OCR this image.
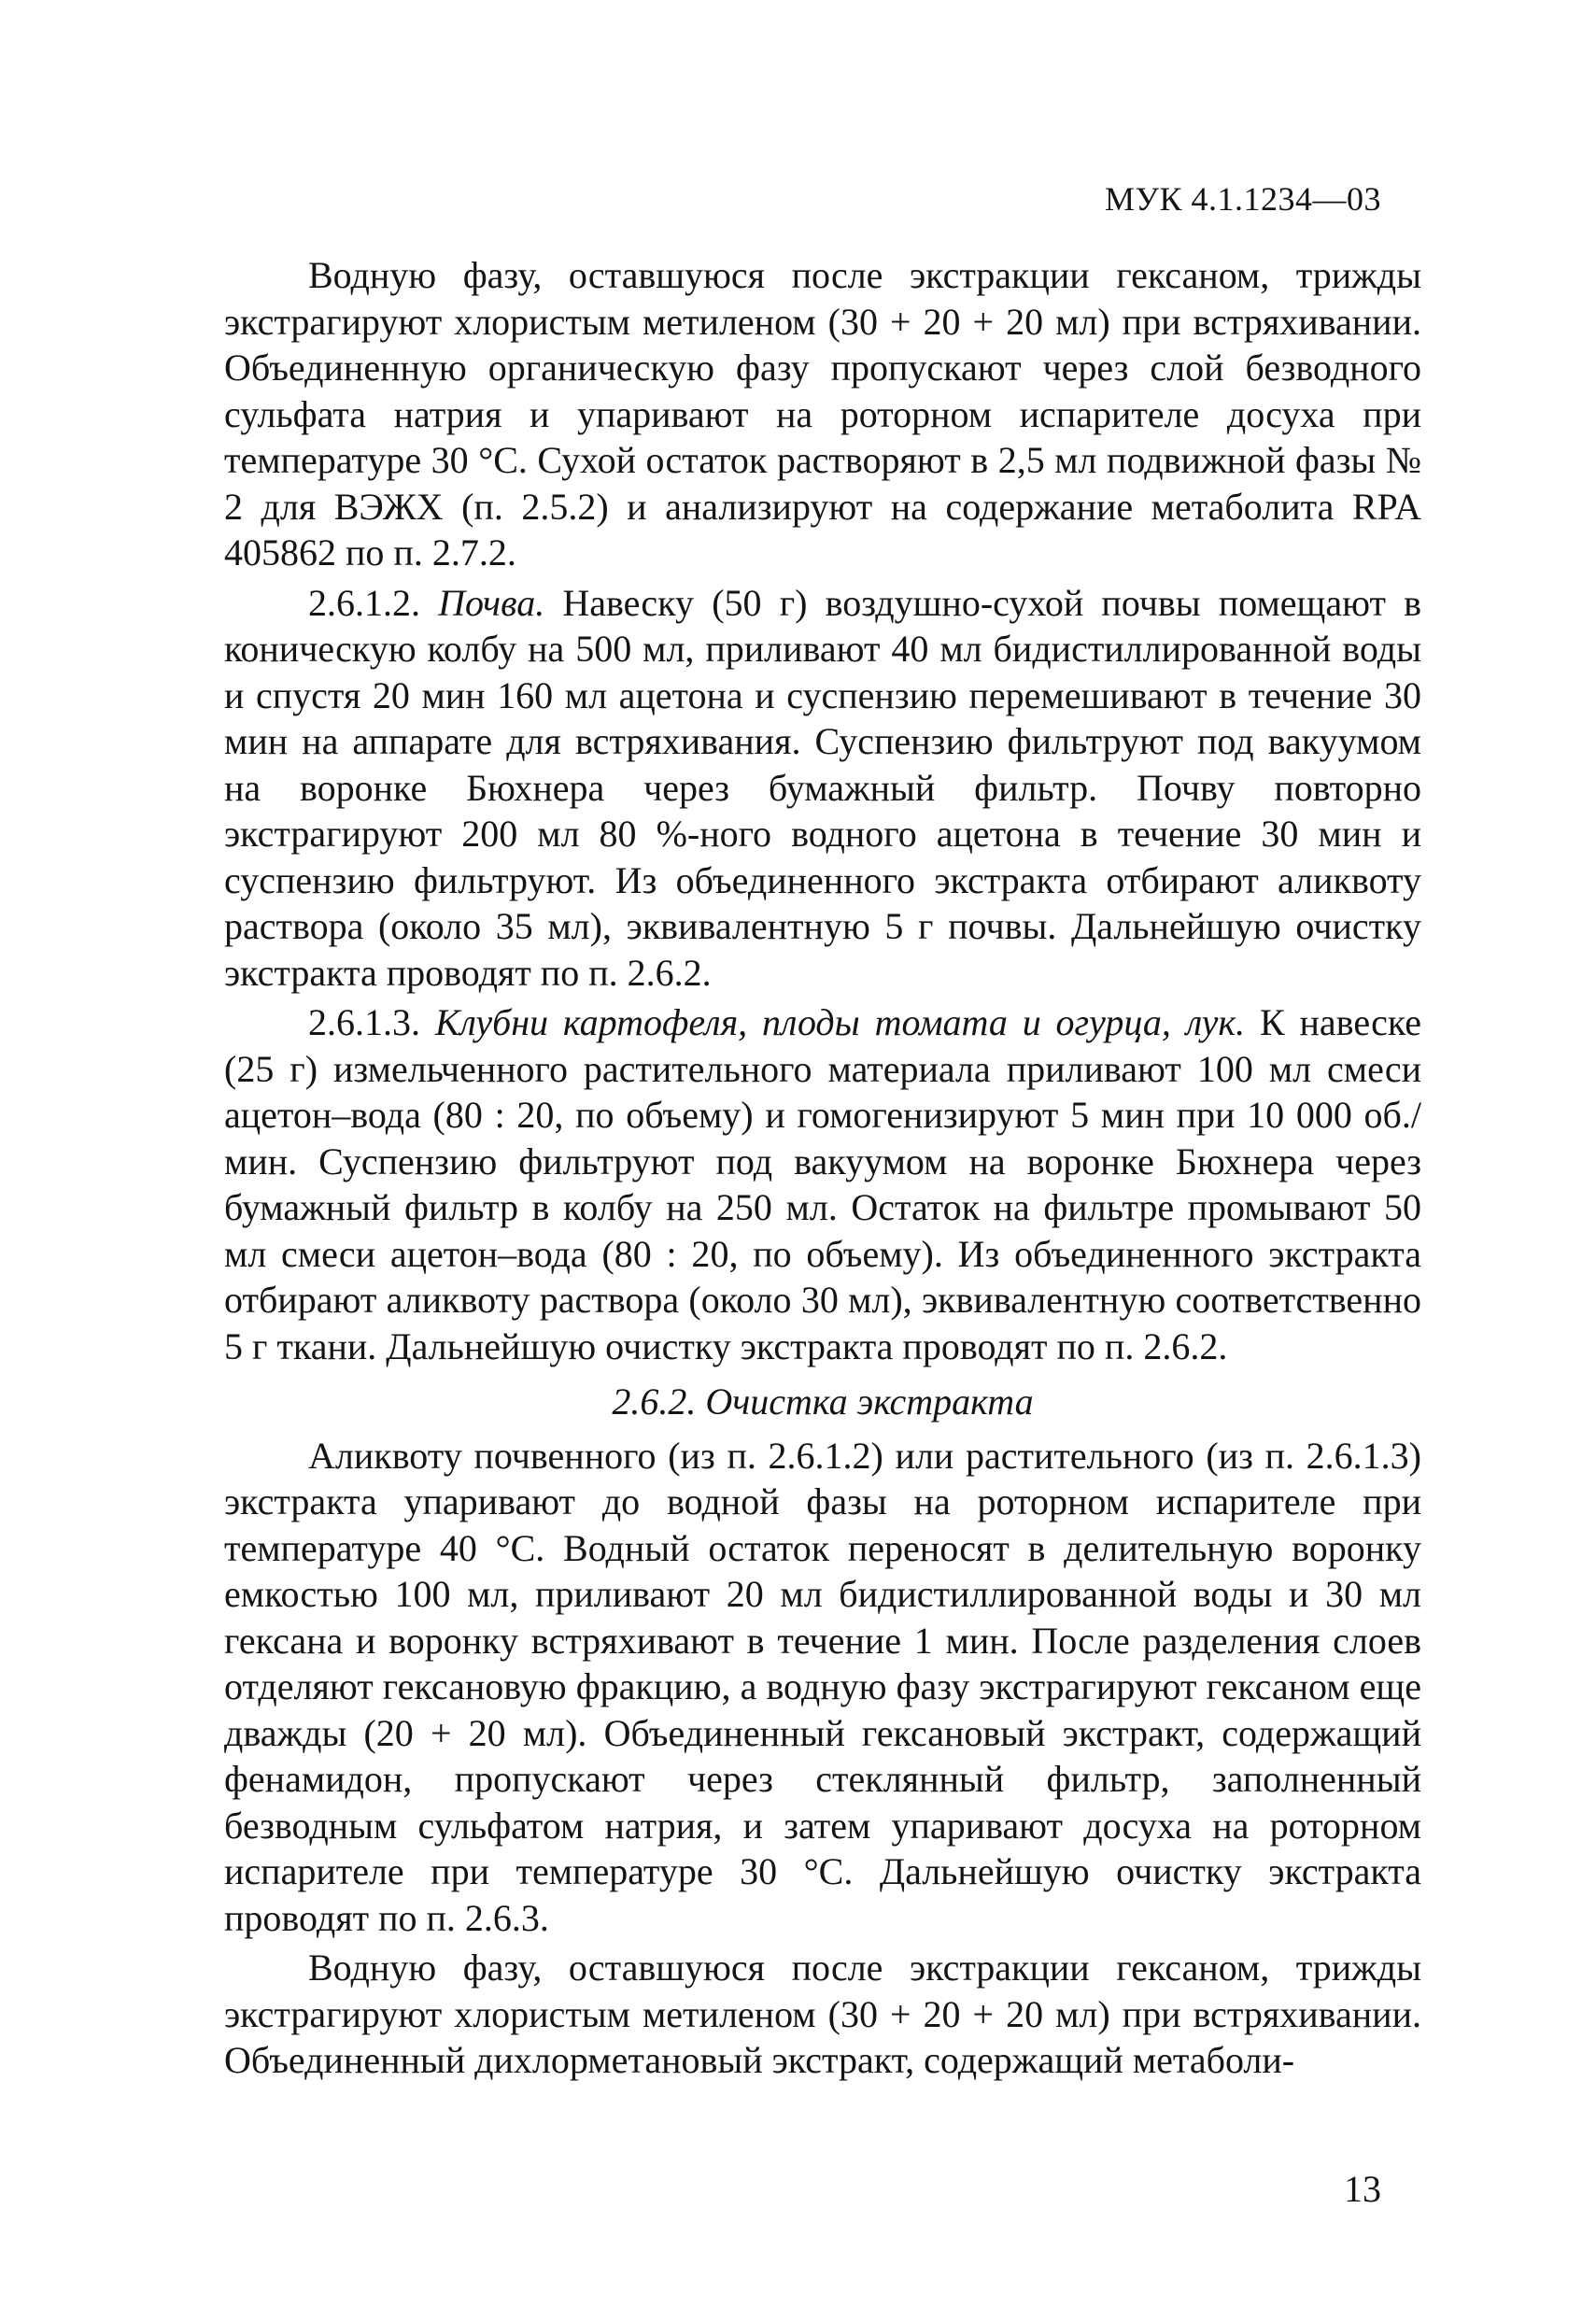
МУК 4.1.1234—03

Водную фазу, оставшуюся после экстракции гексаном, трижды экстрагируют хлористым метиленом (30 + 20 + 20 мл) при встряхивании. Объединенную органическую фазу пропускают через слой безводного сульфата натрия и упаривают на роторном испарителе досуха при температуре 30 °С. Сухой остаток растворяют в 2,5 мл подвижной фазы № 2 для ВЭЖХ (п. 2.5.2) и анализируют на содержание метаболита RPA 405862 по п. 2.7.2.

2.6.1.2. Почва. Навеску (50 г) воздушно-сухой почвы помещают в коническую колбу на 500 мл, приливают 40 мл бидистиллированной воды и спустя 20 мин 160 мл ацетона и суспензию перемешивают в течение 30 мин на аппарате для встряхивания. Суспензию фильтруют под вакуумом на воронке Бюхнера через бумажный фильтр. Почву повторно экстрагируют 200 мл 80 %-ного водного ацетона в течение 30 мин и суспензию фильтруют. Из объединенного экстракта отбирают аликвоту раствора (около 35 мл), эквивалентную 5 г почвы. Дальнейшую очистку экстракта проводят по п. 2.6.2.

2.6.1.3. Клубни картофеля, плоды томата и огурца, лук. К навеске (25 г) измельченного растительного материала приливают 100 мл смеси ацетон–вода (80 : 20, по объему) и гомогенизируют 5 мин при 10 000 об./мин. Суспензию фильтруют под вакуумом на воронке Бюхнера через бумажный фильтр в колбу на 250 мл. Остаток на фильтре промывают 50 мл смеси ацетон–вода (80 : 20, по объему). Из объединенного экстракта отбирают аликвоту раствора (около 30 мл), эквивалентную соответственно 5 г ткани. Дальнейшую очистку экстракта проводят по п. 2.6.2.

2.6.2. Очистка экстракта

Аликвоту почвенного (из п. 2.6.1.2) или растительного (из п. 2.6.1.3) экстракта упаривают до водной фазы на роторном испарителе при температуре 40 °С. Водный остаток переносят в делительную воронку емкостью 100 мл, приливают 20 мл бидистиллированной воды и 30 мл гексана и воронку встряхивают в течение 1 мин. После разделения слоев отделяют гексановую фракцию, а водную фазу экстрагируют гексаном еще дважды (20 + 20 мл). Объединенный гексановый экстракт, содержащий фенамидон, пропускают через стеклянный фильтр, заполненный безводным сульфатом натрия, и затем упаривают досуха на роторном испарителе при температуре 30 °С. Дальнейшую очистку экстракта проводят по п. 2.6.3.

Водную фазу, оставшуюся после экстракции гексаном, трижды экстрагируют хлористым метиленом (30 + 20 + 20 мл) при встряхивании. Объединенный дихлорметановый экстракт, содержащий метаболи-

13
